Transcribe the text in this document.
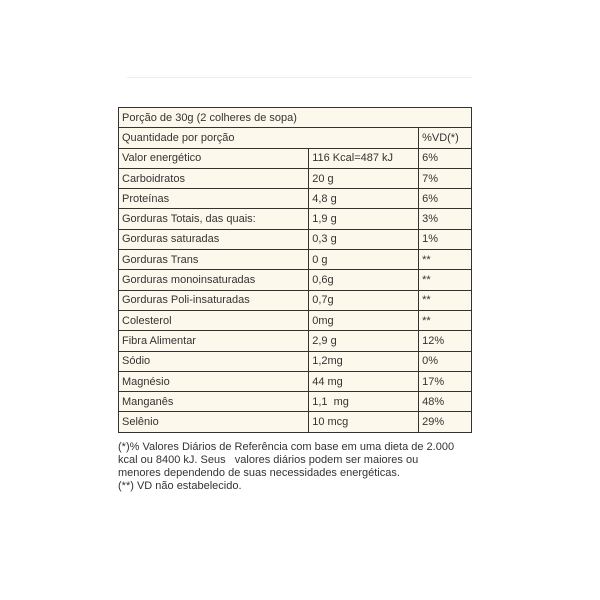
Porção de 30g (2 colheres de sopa)		
Quantidade por porção		%VD(*)
Valor energético	116 Kcal=487 kJ	6%
Carboidratos	20 g	7%
Proteínas	4,8 g	6%
Gorduras Totais, das quais:	1,9 g	3%
Gorduras saturadas	0,3 g	1%
Gorduras Trans	0 g	**
Gorduras monoinsaturadas	0,6g	**
Gorduras Poli-insaturadas	0,7g	**
Colesterol	0mg	**
Fibra Alimentar	2,9 g	12%
Sódio	1,2mg	0%
Magnésio	44 mg	17%
Manganês	1,1  mg	48%
Selênio	10 mcg	29%

(*)% Valores Diários de Referência com base em uma dieta de 2.000

kcal ou 8400 kJ. Seus   valores diários podem ser maiores ou

menores dependendo de suas necessidades energéticas.

(**) VD não estabelecido.
